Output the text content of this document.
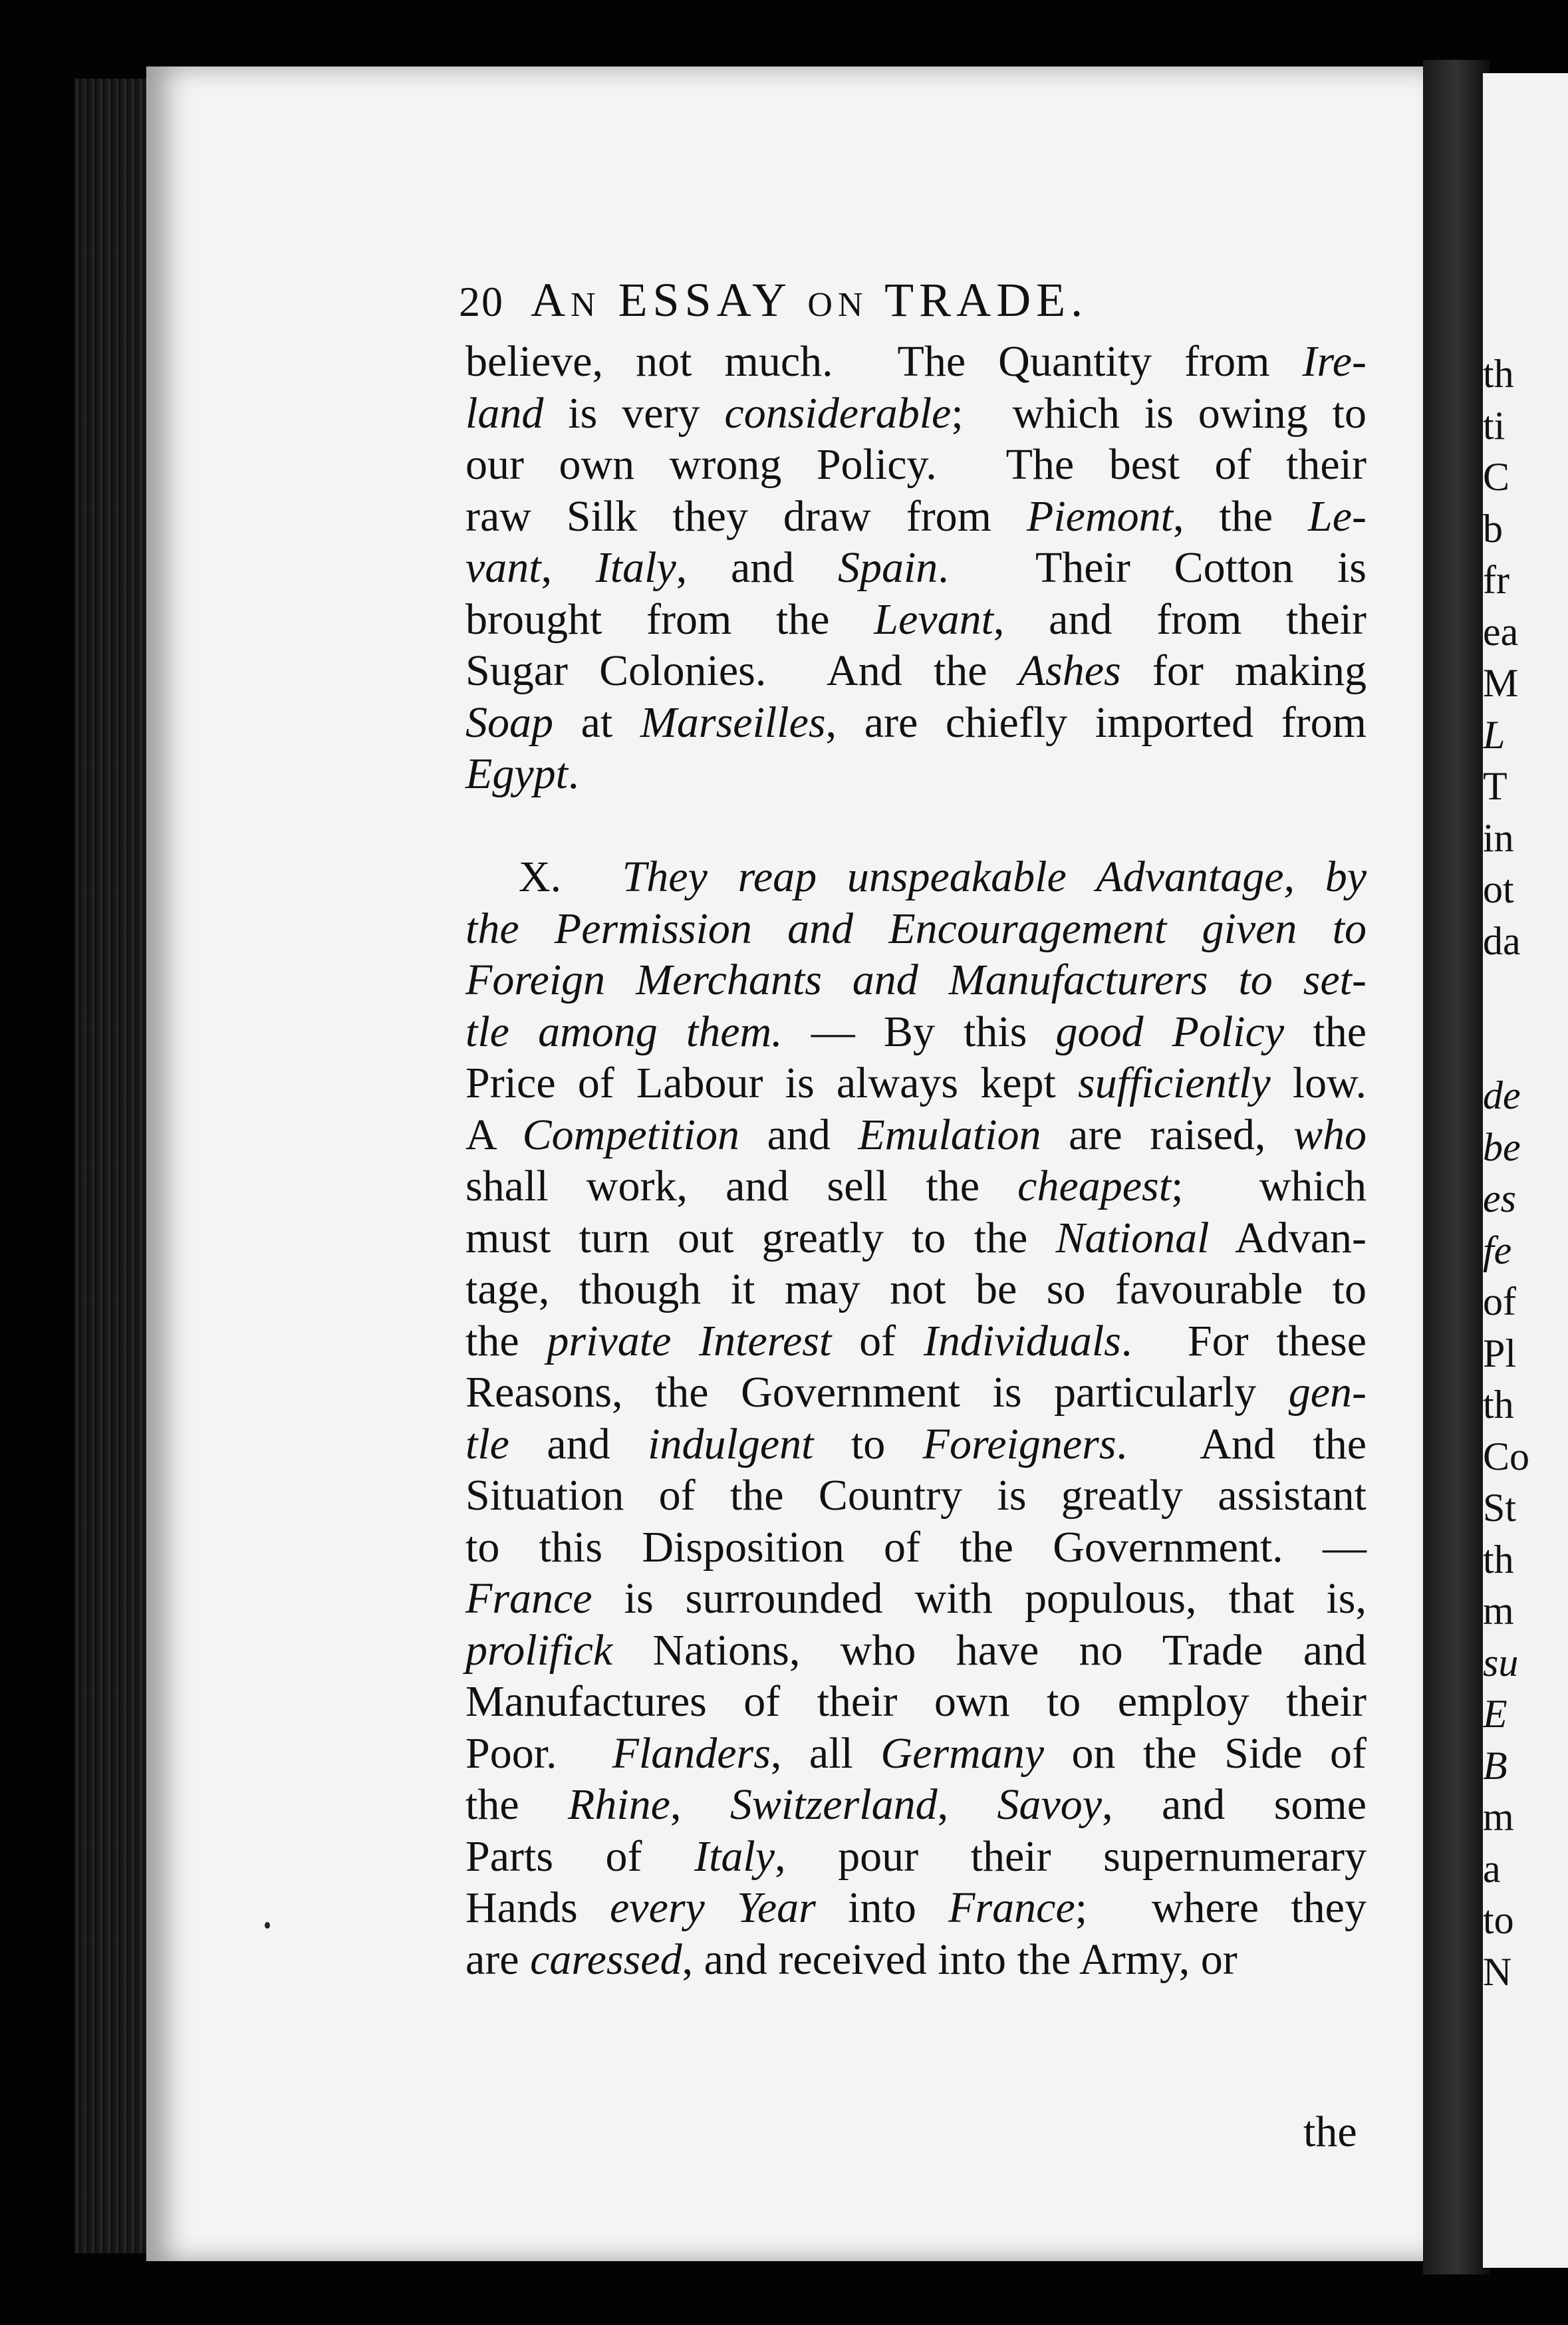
th
ti
C
b
fr
ea
M
L
T
in
ot
da
de
be
es
fe
of
Pl
th
Co
St
th
m
su
E
B
m
a
to
N
20 AN ESSAY ON TRADE.
believe, not much.  The Quantity from Ire-
land is very considerable;  which is owing to
our own wrong Policy.  The best of their
raw Silk they draw from Piemont, the Le-
vant, Italy, and Spain.  Their Cotton is
brought from the Levant, and from their
Sugar Colonies.  And the Ashes for making
Soap at Marseilles, are chiefly imported from
Egypt.
X.  They reap unspeakable Advantage, by
the Permission and Encouragement given to
Foreign Merchants and Manufacturers to set-
tle among them. — By this good Policy the
Price of Labour is always kept sufficiently low.
A Competition and Emulation are raised, who
shall work, and sell the cheapest;  which
must turn out greatly to the National Advan-
tage, though it may not be so favourable to
the private Interest of Individuals.  For these
Reasons, the Government is particularly gen-
tle and indulgent to Foreigners.  And the
Situation of the Country is greatly assistant
to this Disposition of the Government. —
France is surrounded with populous, that is,
prolifick Nations, who have no Trade and
Manufactures of their own to employ their
Poor.  Flanders, all Germany on the Side of
the Rhine, Switzerland, Savoy, and some
Parts of Italy, pour their supernumerary
Hands every Year into France;  where they
are caressed, and received into the Army, or
the
